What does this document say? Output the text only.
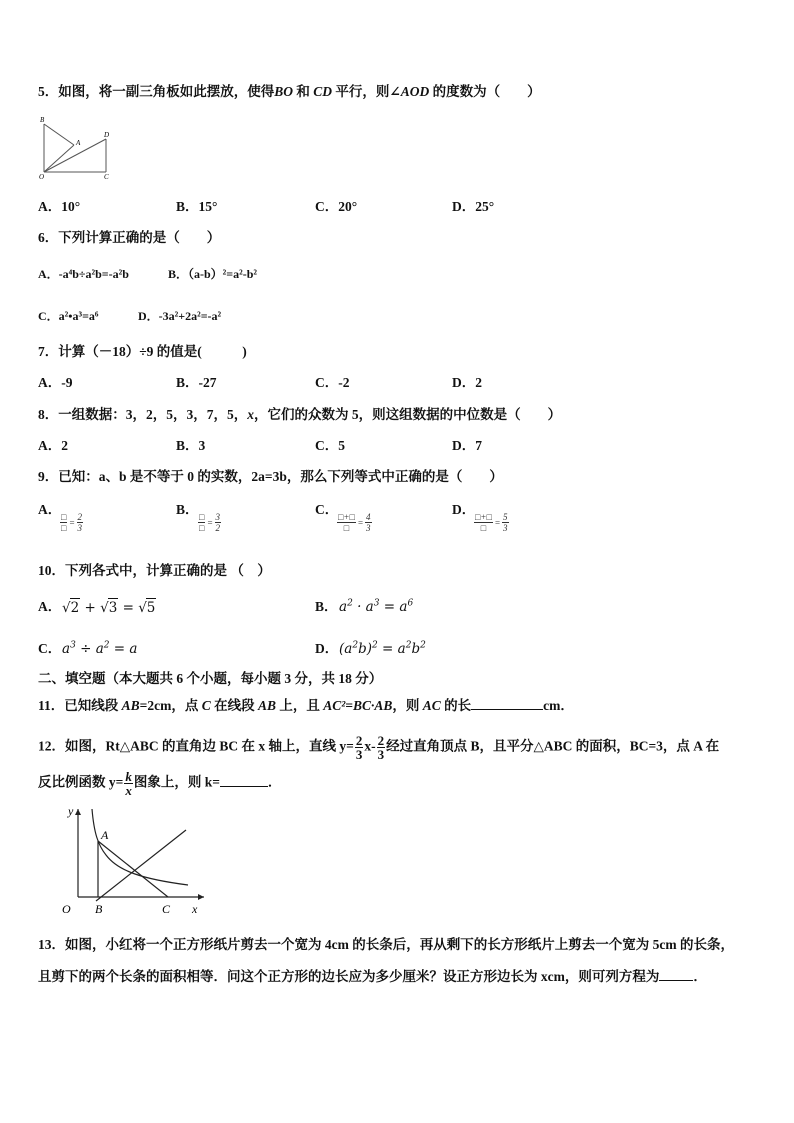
5．如图，将一副三角板如此摆放，使得BO 和 CD 平行，则∠AOD 的度数为（　　）
B
A
D
O	C
A．10°	B．15°	C．20°	D．25°
6．下列计算正确的是（　　）
A．-a⁴b÷a²b=-a²b	B．（a-b）²=a²-b²
C．a²•a³=a⁶	D．-3a²+2a²=-a²
7．计算（－18）÷9 的值是(　　　)
A．-9	B．-27	C．-2	D．2
8．一组数据：3，2，5，3，7，5，x，它们的众数为 5，则这组数据的中位数是（　　）
A．2	B．3	C．5	D．7
9．已知：a、b 是不等于 0 的实数，2a=3b，那么下列等式中正确的是（　　）
A．
$\frac{□}{□} = \frac{2}{3}$
B．
$\frac{□}{□} = \frac{3}{2}$
C．
$\frac{□+□}{□} = \frac{4}{3}$
D．
$\frac{□+□}{□} = \frac{5}{3}$
10．下列各式中，计算正确的是 （　）
A． √2 + √3 = √5	B． $a^2 \cdot a^3 = a^6$
C． $a^3 \div a^2 = a$	D． $(a^2b)^2 = a^2b^2$
二、填空题（本大题共 6 个小题，每小题 3 分，共 18 分）
11．已知线段 AB=2cm，点 C 在线段 AB 上，且 AC²=BC·AB，则 AC 的长	cm．
12．如图，Rt△ABC 的直角边 BC 在 x 轴上，直线 $y= \frac{2}{3} x- \frac{2}{3}$ 经过直角顶点 B，且平分△ABC 的面积，BC=3，点 A 在
反比例函数 $y= \frac{k}{x}$ 图象上，则 k=	．
y
A
O B	C x
13．如图，小红将一个正方形纸片剪去一个宽为 4cm 的长条后，再从剩下的长方形纸片上剪去一个宽为 5cm 的长条，
且剪下的两个长条的面积相等．问这个正方形的边长应为多少厘米？设正方形边长为 xcm，则可列方程为	．
